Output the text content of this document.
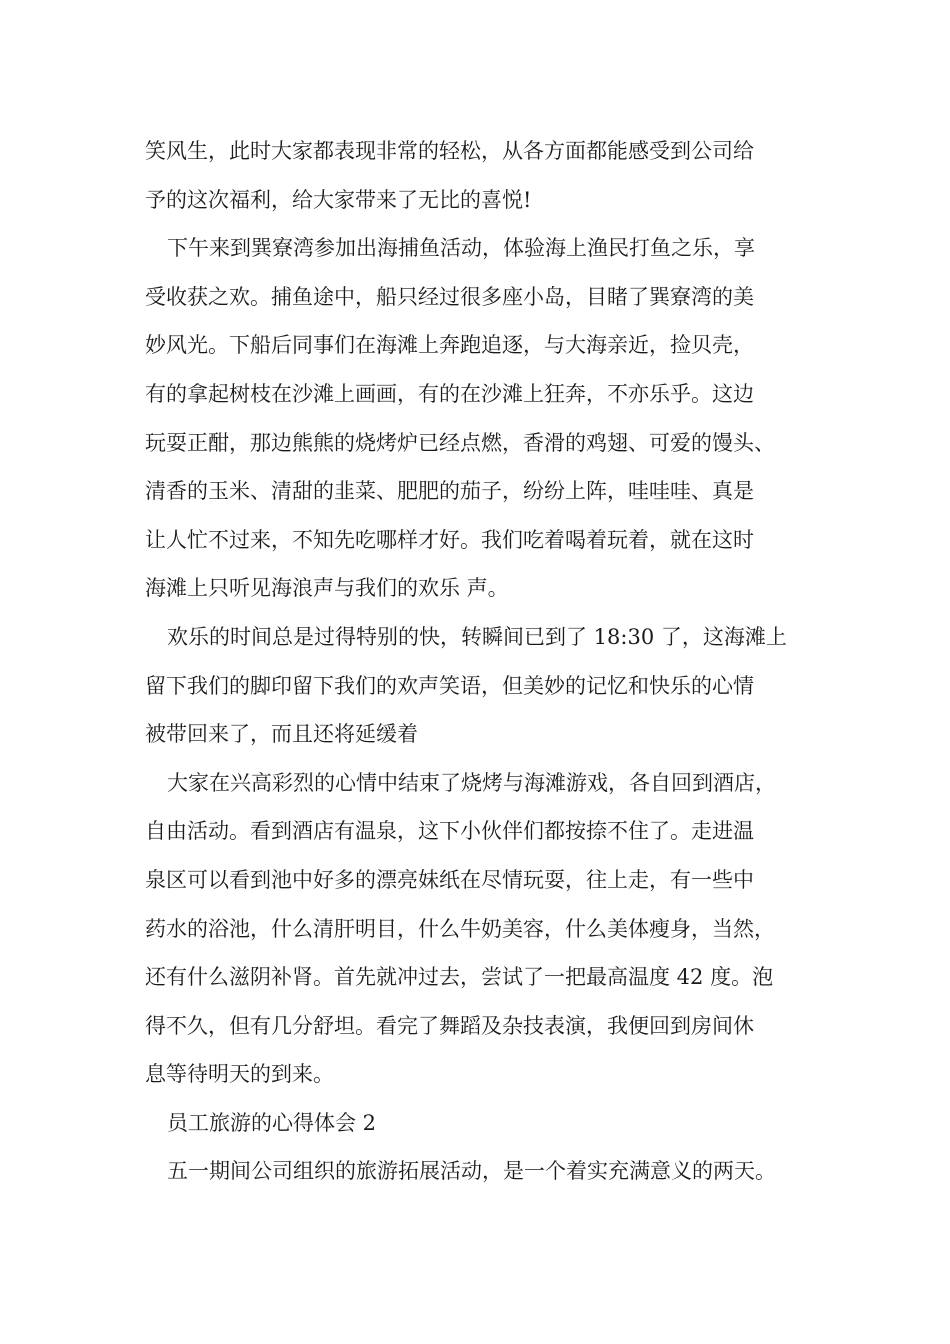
笑风生，此时大家都表现非常的轻松，从各方面都能感受到公司给
予的这次福利，给大家带来了无比的喜悦!
下午来到巽寮湾参加出海捕鱼活动，体验海上渔民打鱼之乐，享
受收获之欢。捕鱼途中，船只经过很多座小岛，目睹了巽寮湾的美
妙风光。下船后同事们在海滩上奔跑追逐，与大海亲近，捡贝壳，
有的拿起树枝在沙滩上画画，有的在沙滩上狂奔，不亦乐乎。这边
玩耍正酣，那边熊熊的烧烤炉已经点燃，香滑的鸡翅、可爱的馒头、
清香的玉米、清甜的韭菜、肥肥的茄子，纷纷上阵，哇哇哇、真是
让人忙不过来，不知先吃哪样才好。我们吃着喝着玩着，就在这时
海滩上只听见海浪声与我们的欢乐 声。
欢乐的时间总是过得特别的快，转瞬间已到了 18:30 了，这海滩上
留下我们的脚印留下我们的欢声笑语，但美妙的记忆和快乐的心情
被带回来了，而且还将延缓着
大家在兴高彩烈的心情中结束了烧烤与海滩游戏，各自回到酒店，
自由活动。看到酒店有温泉，这下小伙伴们都按捺不住了。走进温
泉区可以看到池中好多的漂亮妹纸在尽情玩耍，往上走，有一些中
药水的浴池，什么清肝明目，什么牛奶美容，什么美体瘦身，当然，
还有什么滋阴补肾。首先就冲过去，尝试了一把最高温度 42 度。泡
得不久，但有几分舒坦。看完了舞蹈及杂技表演，我便回到房间休
息等待明天的到来。
员工旅游的心得体会 2
五一期间公司组织的旅游拓展活动，是一个着实充满意义的两天。
